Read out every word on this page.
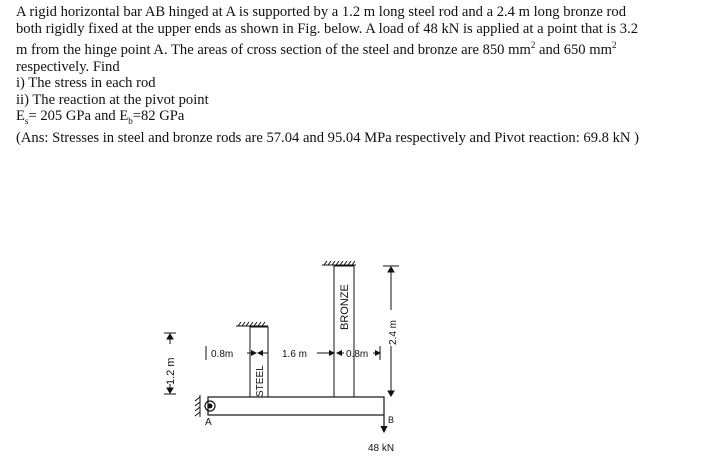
A rigid horizontal bar AB hinged at A is supported by a 1.2 m long steel rod and a 2.4 m long bronze rod

both rigidly fixed at the upper ends as shown in Fig. below. A load of 48 kN is applied at a point that is 3.2

m from the hinge point A. The areas of cross section of the steel and bronze are 850 $mm^2$ and 650 $mm^2$

respectively. Find

i) The stress in each rod

ii) The reaction at the pivot point

$E_s= 205$ GPa and $E_b=82$ GPa

(Ans: Stresses in steel and bronze rods are 57.04 and 95.04 MPa respectively and Pivot reaction: 69.8 kN )

BRONZE
STEEL
A	B
48 kN
1.2 m
2.4 m
0.8m	1.6 m	0.8m
